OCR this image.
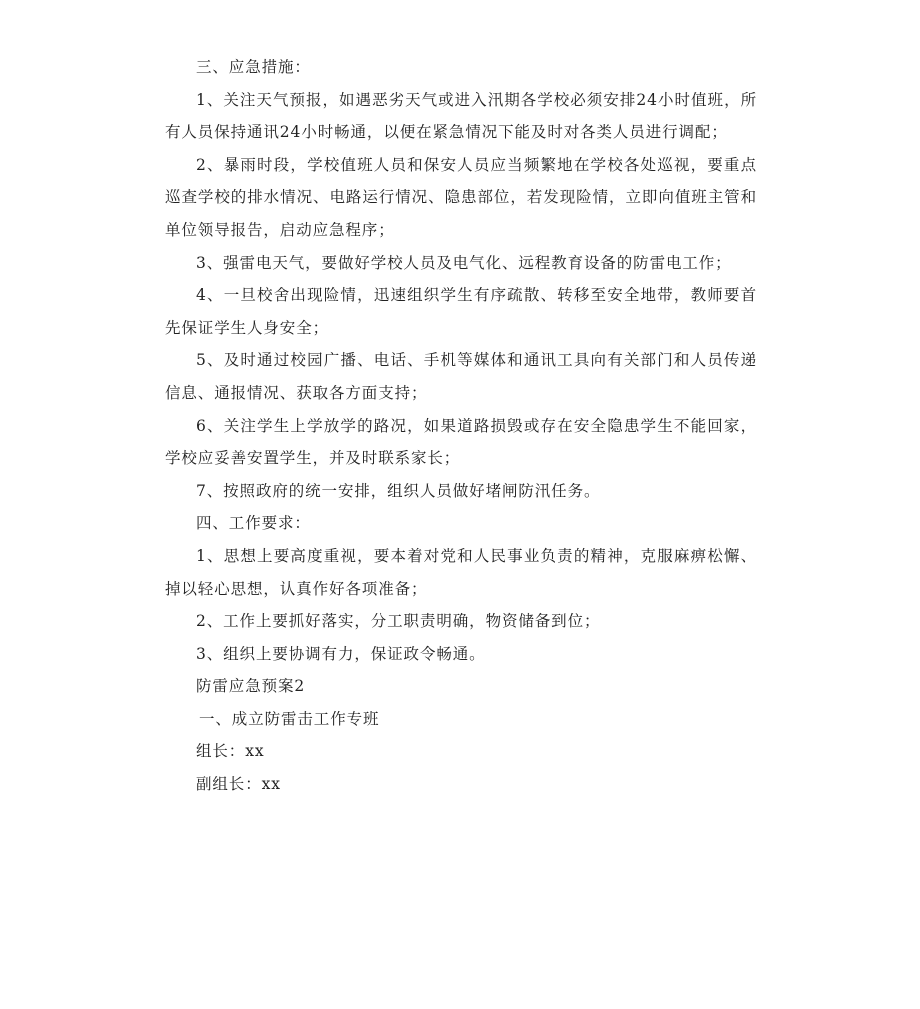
三、应急措施：

1、关注天气预报，如遇恶劣天气或进入汛期各学校必须安排24小时值班，所有人员保持通讯24小时畅通，以便在紧急情况下能及时对各类人员进行调配；

2、暴雨时段，学校值班人员和保安人员应当频繁地在学校各处巡视，要重点巡查学校的排水情况、电路运行情况、隐患部位，若发现险情，立即向值班主管和单位领导报告，启动应急程序；

3、强雷电天气，要做好学校人员及电气化、远程教育设备的防雷电工作；

4、一旦校舍出现险情，迅速组织学生有序疏散、转移至安全地带，教师要首先保证学生人身安全；

5、及时通过校园广播、电话、手机等媒体和通讯工具向有关部门和人员传递信息、通报情况、获取各方面支持；

6、关注学生上学放学的路况，如果道路损毁或存在安全隐患学生不能回家，学校应妥善安置学生，并及时联系家长；

7、按照政府的统一安排，组织人员做好堵闸防汛任务。

四、工作要求：

1、思想上要高度重视，要本着对党和人民事业负责的精神，克服麻痹松懈、掉以轻心思想，认真作好各项准备；

2、工作上要抓好落实，分工职责明确，物资储备到位；

3、组织上要协调有力，保证政令畅通。

防雷应急预案2

一、成立防雷击工作专班

组长：xx

副组长：xx
